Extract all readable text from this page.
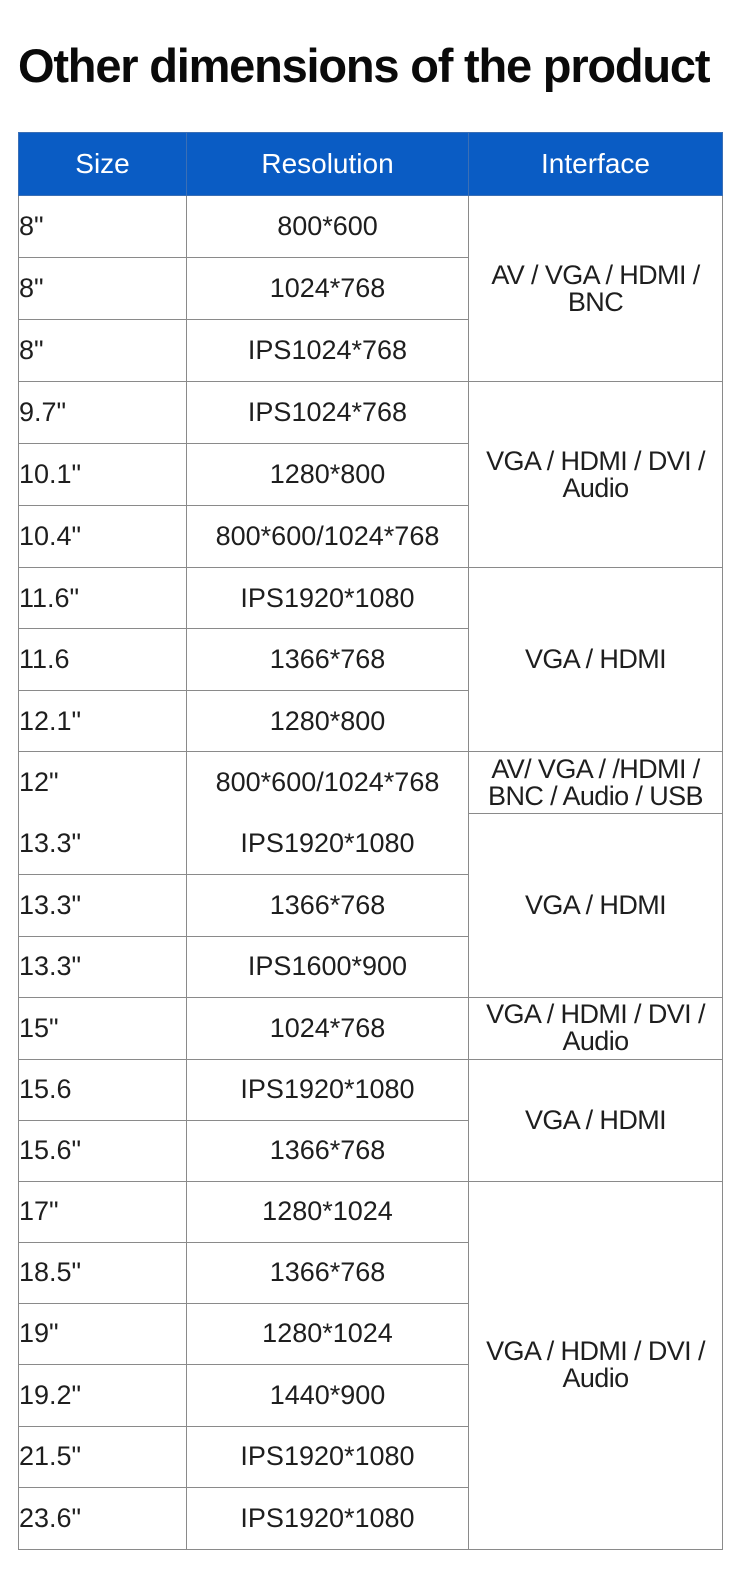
Other dimensions of the product
Size	Resolution	Interface
8"	800*600	AV / VGA / HDMI / BNC
8"	1024*768	
8"	IPS1024*768	
9.7"	IPS1024*768	VGA / HDMI / DVI / Audio
10.1"	1280*800	
10.4"	800*600/1024*768	
11.6"	IPS1920*1080	VGA / HDMI
11.6	1366*768	
12.1"	1280*800	
12"	800*600/1024*768	AV/ VGA / /HDMI / BNC / Audio / USB
13.3"	IPS1920*1080	VGA / HDMI
13.3"	1366*768	
13.3"	IPS1600*900	
15"	1024*768	VGA / HDMI / DVI / Audio
15.6	IPS1920*1080	VGA / HDMI
15.6"	1366*768	
17"	1280*1024	VGA / HDMI / DVI / Audio
18.5"	1366*768	
19"	1280*1024	
19.2"	1440*900	
21.5"	IPS1920*1080	
23.6"	IPS1920*1080	
